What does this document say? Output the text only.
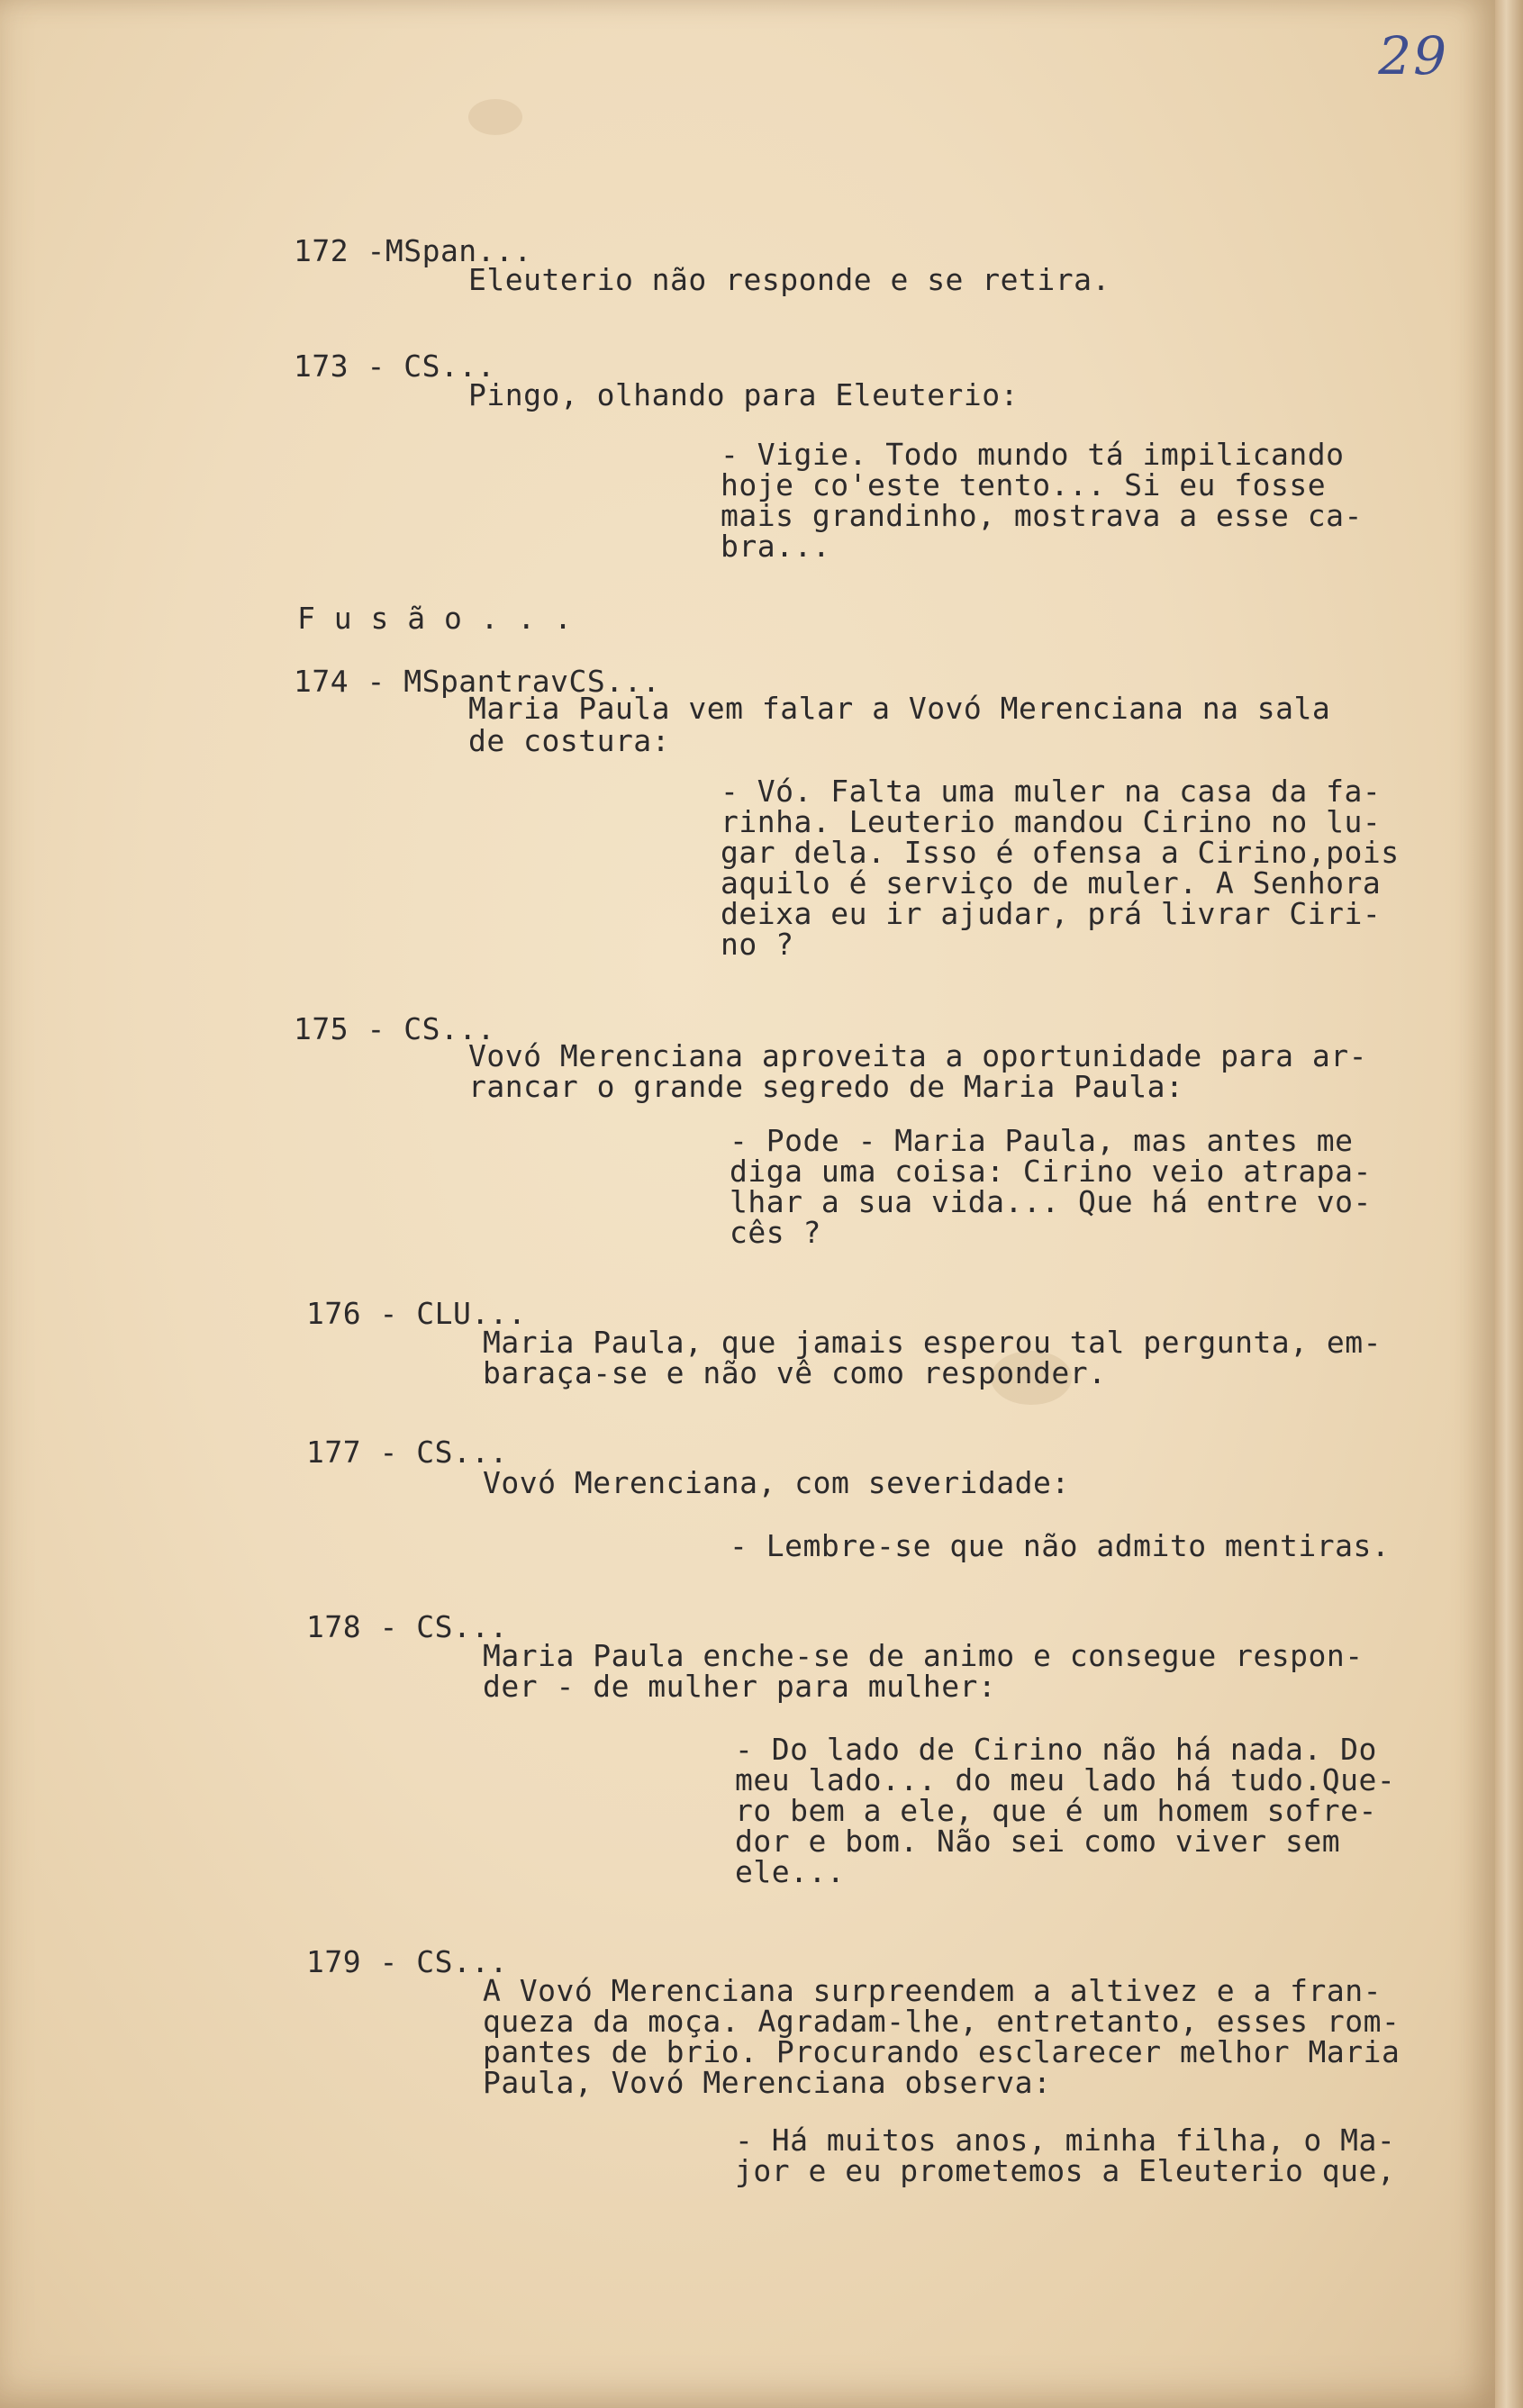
29
172 -MSpan...
Eleuterio não responde e se retira.
173 - CS...
Pingo, olhando para Eleuterio:
- Vigie. Todo mundo tá impilicando
hoje co'este tento... Si eu fosse
mais grandinho, mostrava a esse ca-
bra...
F u s ã o . . .
174 - MSpantravCS...
Maria Paula vem falar a Vovó Merenciana na sala
de costura:
- Vó. Falta uma muler na casa da fa-
rinha. Leuterio mandou Cirino no lu-
gar dela. Isso é ofensa a Cirino,pois
aquilo é serviço de muler. A Senhora
deixa eu ir ajudar, prá livrar Ciri-
no ?
175 - CS...
Vovó Merenciana aproveita a oportunidade para ar-
rancar o grande segredo de Maria Paula:
- Pode - Maria Paula, mas antes me
diga uma coisa: Cirino veio atrapa-
lhar a sua vida... Que há entre vo-
cês ?
176 - CLU...
Maria Paula, que jamais esperou tal pergunta, em-
baraça-se e não vê como responder.
177 - CS...
Vovó Merenciana, com severidade:
- Lembre-se que não admito mentiras.
178 - CS...
Maria Paula enche-se de animo e consegue respon-
der - de mulher para mulher:
- Do lado de Cirino não há nada. Do
meu lado... do meu lado há tudo.Que-
ro bem a ele, que é um homem sofre-
dor e bom. Não sei como viver sem
ele...
179 - CS...
A Vovó Merenciana surpreendem a altivez e a fran-
queza da moça. Agradam-lhe, entretanto, esses rom-
pantes de brio. Procurando esclarecer melhor Maria
Paula, Vovó Merenciana observa:
- Há muitos anos, minha filha, o Ma-
jor e eu prometemos a Eleuterio que,
